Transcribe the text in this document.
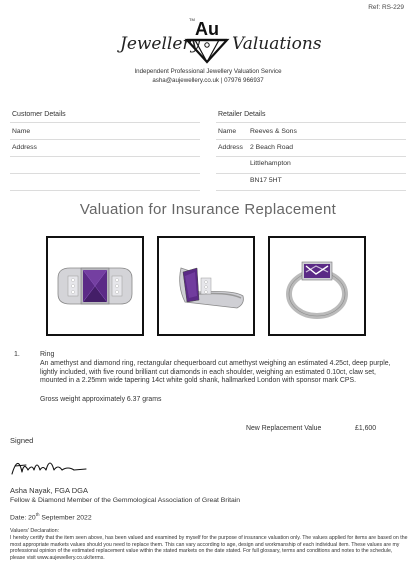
Ref: RS-229
Jewellery
TM Au
Valuations
Independent Professional Jewellery Valuation Service
asha@aujewellery.co.uk | 07976 966937
Customer Details
Name
Address
Retailer Details
Name Reeves & Sons
Address 2 Beach Road
Littlehampton
BN17 5HT
Valuation for Insurance Replacement
1.	Ring
An amethyst and diamond ring, rectangular chequerboard cut amethyst weighing an estimated 4.25ct, deep purple, lightly included, with five round brilliant cut diamonds in each shoulder, weighing an estimated 0.10ct, claw set, mounted in a 2.25mm wide tapering 14ct white gold shank, hallmarked London with sponsor mark CPS.
Gross weight approximately 6.37 grams
New Replacement Value	£1,600
Signed
Asha Nayak, FGA DGA
Fellow & Diamond Member of the Gemmological Association of Great Britain
Date: 20th September 2022
Valuers' Declaration:
I hereby certify that the item seen above, has been valued and examined by myself for the purpose of insurance valuation only. The values applied for items are based on the most appropriate markets values should you need to replace them. This can vary according to age, design and workmanship of each individual item. These values are my professional opinion of the estimated replacement value within the stated markets on the date stated. For full glossary, terms and conditions and notes to the schedule, please visit www.aujewellery.co.uk/terms.
